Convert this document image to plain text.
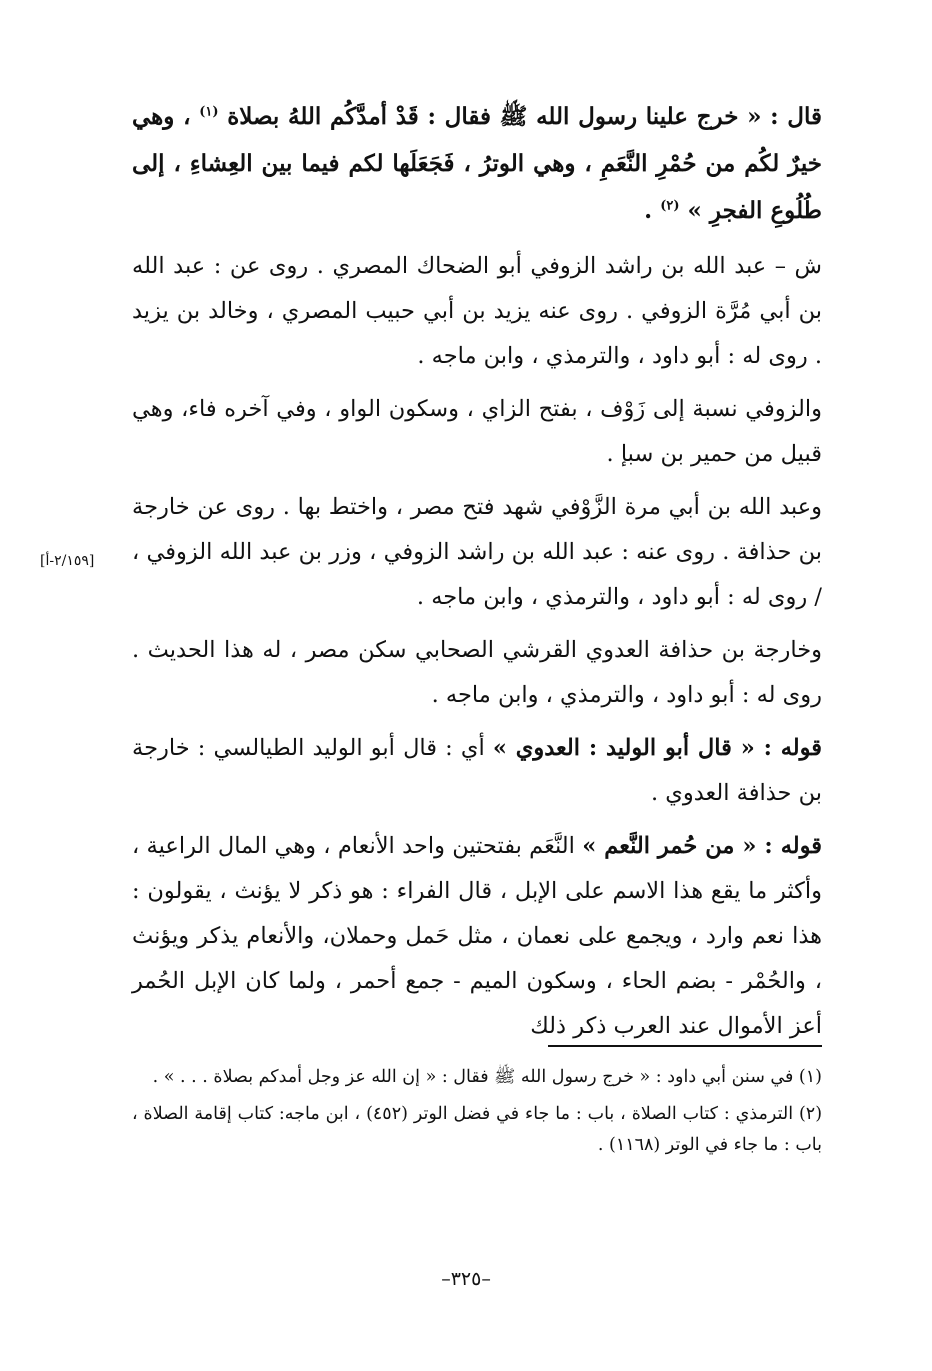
قال : « خرج علينا رسول الله ﷺ فقال : قَدْ أمدَّكُم اللهُ بصلاة $^{(١)}$ ، وهي خيرٌ لكُم من حُمْرِ النَّعَمِ ، وهي الوترُ ، فَجَعَلَها لكم فيما بين العِشاءِ ، إلى طُلُوعِ الفجرِ » $^{(٢)}$ .

ش – عبد الله بن راشد الزوفي أبو الضحاك المصري . روى عن : عبد الله بن أبي مُرَّة الزوفي . روى عنه يزيد بن أبي حبيب المصري ، وخالد بن يزيد . روى له : أبو داود ، والترمذي ، وابن ماجه .

والزوفي نسبة إلى زَوْف ، بفتح الزاي ، وسكون الواو ، وفي آخره فاء، وهي قبيل من حمير بن سبإ .

وعبد الله بن أبي مرة الزَّوْفي شهد فتح مصر ، واختط بها . روى عن خارجة بن حذافة . روى عنه : عبد الله بن راشد الزوفي ، وزر بن عبد الله الزوفي ، / روى له : أبو داود ، والترمذي ، وابن ماجه .

وخارجة بن حذافة العدوي القرشي الصحابي سكن مصر ، له هذا الحديث . روى له : أبو داود ، والترمذي ، وابن ماجه .

قوله : « قال أبو الوليد : العدوي » أي : قال أبو الوليد الطيالسي : خارجة بن حذافة العدوي .

قوله : « من حُمر النَّعم » النَّعَم بفتحتين واحد الأنعام ، وهي المال الراعية ، وأكثر ما يقع هذا الاسم على الإبل ، قال الفراء : هو ذكر لا يؤنث ، يقولون : هذا نعم وارد ، ويجمع على نعمان ، مثل حَمل وحملان، والأنعام يذكر ويؤنث ، والحُمْر - بضم الحاء ، وسكون الميم - جمع أحمر ، ولما كان الإبل الحُمر أعز الأموال عند العرب ذكر ذلك

[٢/١٥٩-أ]

(١) في سنن أبي داود : « خرج رسول الله ﷺ فقال : « إن الله عز وجل أمدكم بصلاة . . . » .

(٢) الترمذي : كتاب الصلاة ، باب : ما جاء في فضل الوتر (٤٥٢) ، ابن ماجه: كتاب إقامة الصلاة ، باب : ما جاء في الوتر (١١٦٨) .

–٣٢٥–
